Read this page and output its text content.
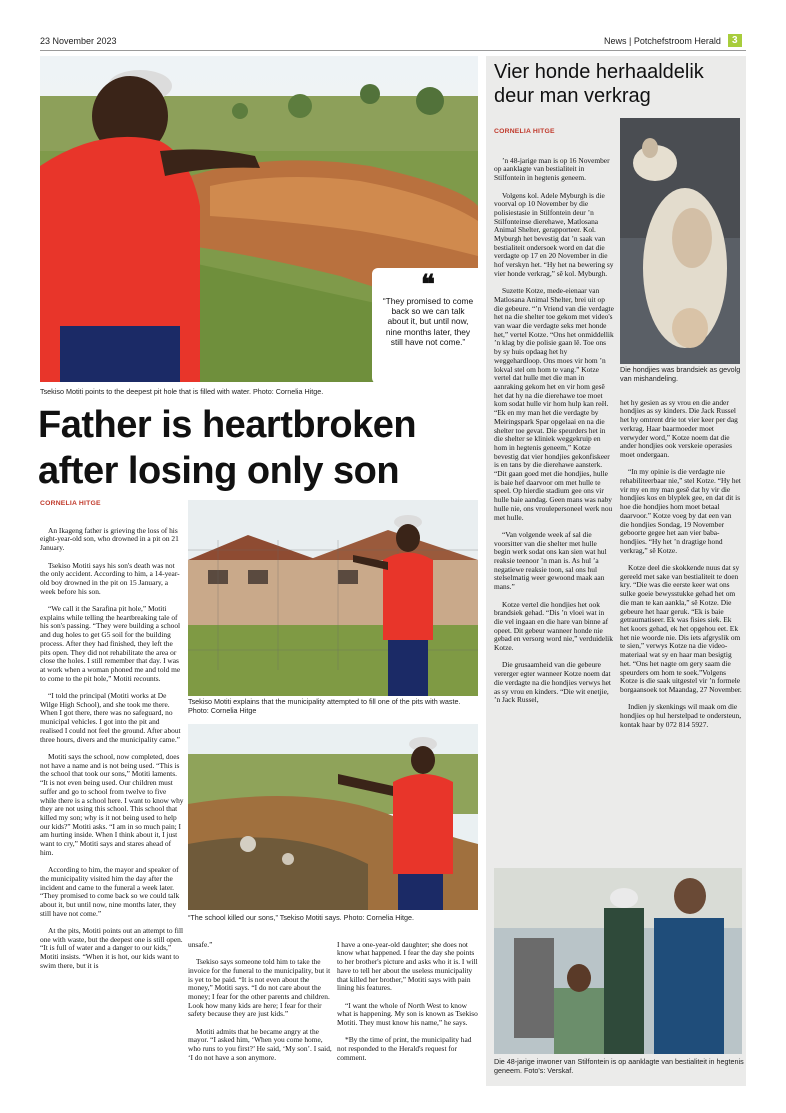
23 November 2023	News | Potchefstroom Herald	3
❝
“They promised to come back so we can talk about it, but until now, nine months later, they still have not come.”
Tsekiso Motiti points to the deepest pit hole that is filled with water. Photo: Cornelia Hitge.
Father is heartbroken after losing only son
CORNELIA HITGE

An Ikageng father is grieving the loss of his eight-year-old son, who drowned in a pit on 21 January.

Tsekiso Motiti says his son's death was not the only accident. According to him, a 14-year-old boy drowned in the pit on 15 January, a week before his son.

“We call it the Sarafina pit hole,” Motiti explains while telling the heartbreaking tale of his son's passing. “They were building a school and dug holes to get G5 soil for the building process. After they had finished, they left the pits open. They did not rehabilitate the area or close the holes. I still remember that day. I was at work when a woman phoned me and told me to come to the pit hole,” Motiti recounts.

“I told the principal (Motiti works at De Wilge High School), and she took me there. When I got there, there was no safeguard, no municipal vehicles. I got into the pit and realised I could not feel the ground. After about three hours, divers and the municipality came.”

Motiti says the school, now completed, does not have a name and is not being used. “This is the school that took our sons,” Motiti laments. “It is not even being used. Our children must suffer and go to school from twelve to five while there is a school here. I want to know why they are not using this school. This school that killed my son; why is it not being used to help our kids?” Motiti asks. “I am in so much pain; I am hurting inside. When I think about it, I just want to cry,” Motiti says and stares ahead of him.

According to him, the mayor and speaker of the municipality visited him the day after the incident and came to the funeral a week later. “They promised to come back so we could talk about it, but until now, nine months later, they still have not come.”

At the pits, Motiti points out an attempt to fill one with waste, but the deepest one is still open. “It is full of water and a danger to our kids,” Motiti insists. “When it is hot, our kids want to swim there, but it is

Tsekiso Motiti explains that the municipality attempted to fill one of the pits with waste. Photo: Cornelia Hitge
“The school killed our sons,” Tsekiso Motiti says. Photo: Cornelia Hitge.

unsafe.”

Tsekiso says someone told him to take the invoice for the funeral to the municipality, but it is yet to be paid. “It is not even about the money,” Motiti says. “I do not care about the money; I fear for the other parents and children. Look how many kids are here; I fear for their safety because they are just kids.”

Motiti admits that he became angry at the mayor. “I asked him, ‘When you come home, who runs to you first?’ He said, ‘My son’. I said, ‘I do not have a son anymore.

I have a one-year-old daughter; she does not know what happened. I fear the day she points to her brother's picture and asks who it is. I will have to tell her about the useless municipality that killed her brother,” Motiti says with pain lining his features.

“I want the whole of North West to know what is happening. My son is known as Tsekiso Motiti. They must know his name,” he says.

*By the time of print, the municipality had not responded to the Herald's request for comment.

Vier honde herhaaldelik deur man verkrag
CORNELIA HITGE

’n 48-jarige man is op 16 November op aanklagte van bestialiteit in Stilfontein in hegtenis geneem.

Volgens kol. Adele Myburgh is die voorval op 10 November by die polisiestasie in Stilfontein deur ’n Stilfonteinse dierehawe, Matlosana Animal Shelter, gerapporteer. Kol. Myburgh het bevestig dat ’n saak van bestialiteit ondersoek word en dat die verdagte op 17 en 20 November in die hof verskyn het. “Hy het na bewering sy vier honde verkrag,” sê kol. Myburgh.

Suzette Kotze, mede-eienaar van Matlosana Animal Shelter, brei uit op die gebeure. “’n Vriend van die verdagte het na die shelter toe gekom met video's van waar die verdagte seks met honde het,” vertel Kotze. “Ons het onmiddellik ’n klag by die polisie gaan lê. Toe ons by sy huis opdaag het hy weggehardloop. Ons moes vir hom ’n lokval stel om hom te vang.” Kotze vertel dat hulle met die man in aanraking gekom het en vir hom gesê het dat hy na die dierehawe toe moet kom sodat hulle vir hom hulp kan reël. “Ek en my man het die verdagte by Meiringspark Spar opgelaai en na die shelter toe gevat. Die speurders het in die shelter se kliniek weggekruip en hom in hegtenis geneem,” Kotze bevestig dat vier hondjies gekonfiskeer is en tans by die dierehawe aansterk. “Dit gaan goed met die hondjies, hulle is baie hef daarvoor om met hulle te speel. Op hierdie stadium gee ons vir hulle baie aandag. Geen mans was naby hulle nie, ons vroulepersoneel werk nou met hulle.

“Van volgende week af sal die voorsitter van die shelter met hulle begin werk sodat ons kan sien wat hul reaksie teenoor ’n man is. As hul ’a negatiewe reaksie toon, sal ons hul stelselmatig weer gewoond maak aan mans.”

Kotze vertel die hondjies het ook brandsiek gehad. “Dis ’n vloei wat in die vel ingaan en die hare van binne af opeet. Dit gebeur wanneer honde nie gebad en versorg word nie,” verduidelik Kotze.

Die grusaamheid van die gebeure vererger egter wanneer Kotze noem dat die verdagte na die hondjies verwys het as sy vrou en kinders. “Die wit enetjie, ’n Jack Russel,

Die hondjies was brandsiek as gevolg van mishandeling.

het hy gesien as sy vrou en die ander hondjies as sy kinders. Die Jack Russel het hy omtrent drie tot vier keer per dag verkrag. Haar baarmoeder moet verwyder word,” Kotze noem dat die ander hondjies ook verskeie operasies moet ondergaan.

“In my opinie is die verdagte nie rehabiliteerbaar nie,” stel Kotze. “Hy het vir my en my man gesê dat hy vir die hondjies kos en blyplek gee, en dat dit is hoe die hondjies hom moet betaal daarvoor.” Kotze voeg by dat een van die hondjies Sondag, 19 November geboorte gegee het aan vier baba-hondjies. “Hy het ’n dragtige hond verkrag,” sê Kotze.

Kotze deel die skokkende nuus dat sy gereeld met sake van bestialiteit te doen kry. “Die was die eerste keer wat ons sulke goeie bewysstukke gehad het om die man te kan aankla,” sê Kotze. Die gebeure het haar geruk. “Ek is baie getraumatiseer. Ek was fisies siek. Ek het koors gehad, ek het opgehou eet. Ek het nie woorde nie. Dis iets afgryslik om te sien,” verwys Kotze na die video-materiaal wat sy en haar man besigtig het. “Ons het nagte om gery saam die speurders om hom te soek.”Volgens Kotze is die saak uitgestel vir ’n formele borgaansoek tot Maandag, 27 November.

Indien jy skenkings wil maak om die hondjies op hul herstelpad te ondersteun, kontak haar by 072 814 5927.

Die 48-jarige inwoner van Stilfontein is op aanklagte van bestialiteit in hegtenis geneem. Foto's: Verskaf.
